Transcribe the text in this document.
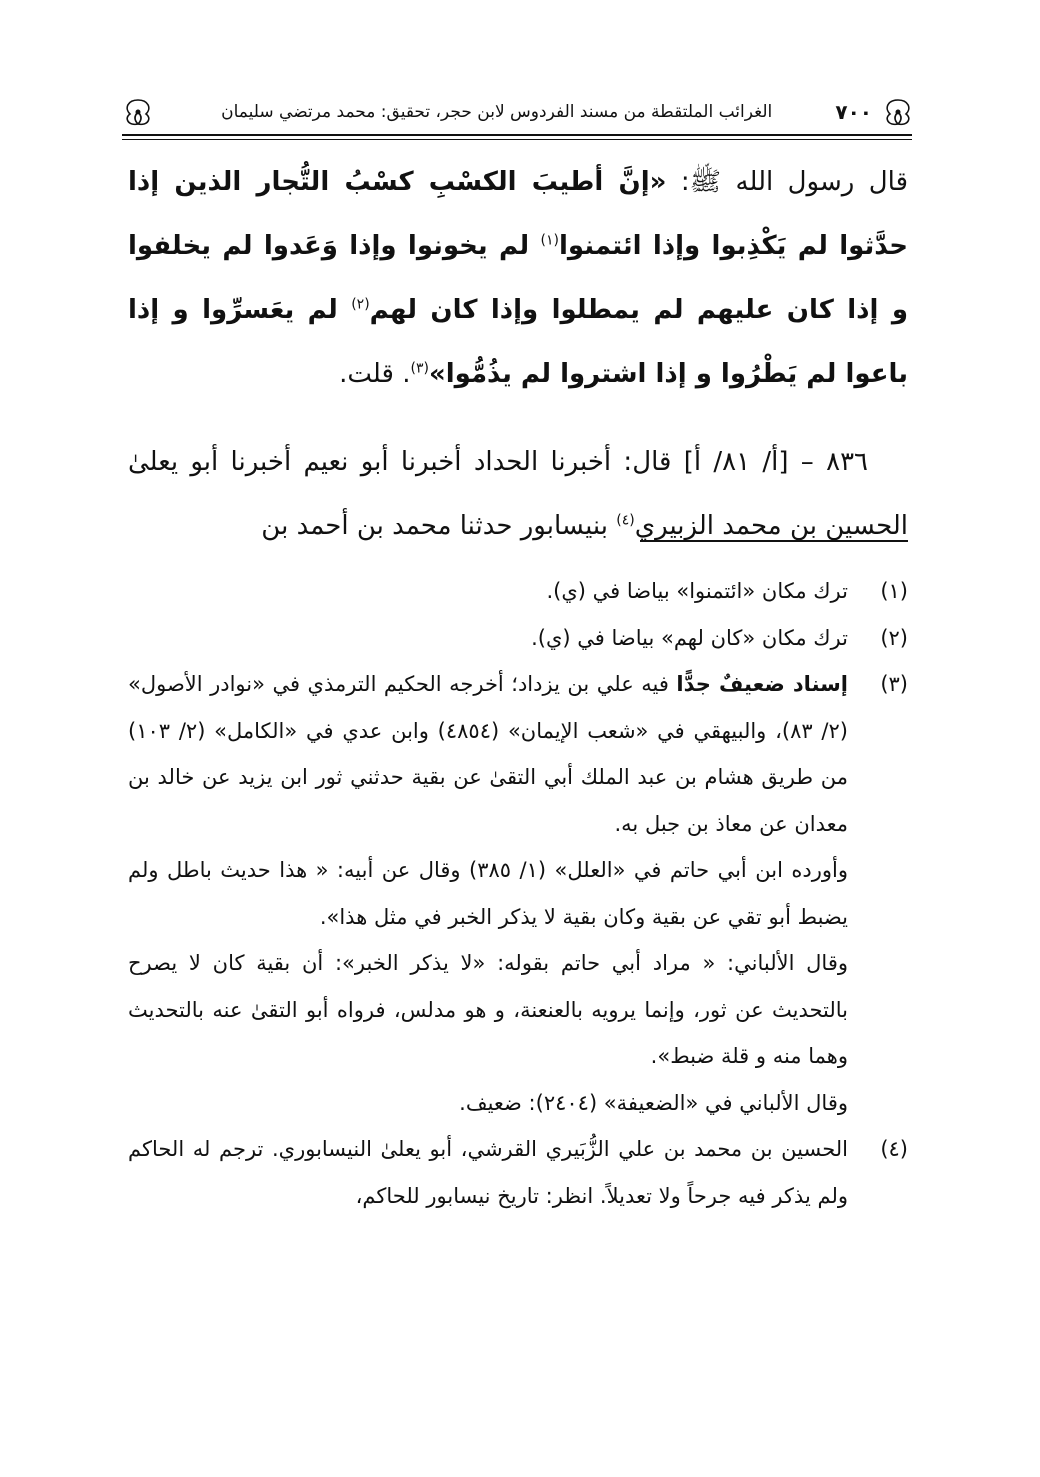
٧٠٠
الغرائب الملتقطة من مسند الفردوس لابن حجر، تحقيق: محمد مرتضي سليمان

قال رسول الله ﷺ: «إنَّ أطيبَ الكسْبِ كسْبُ التُّجار الذين إذا حدَّثوا لم يَكْذِبوا وإذا ائتمنوا$^{(١)}$ لم يخونوا وإذا وَعَدوا لم يخلفوا و إذا كان عليهم لم يمطلوا وإذا كان لهم$^{(٢)}$ لم يعَسرِّوا و إذا باعوا لم يَطْرُوا و إذا اشتروا لم يذُمُّوا»$^{(٣)}$. قلت.

٨٣٦ – [أ/ ٨١/ أ] قال: أخبرنا الحداد أخبرنا أبو نعيم أخبرنا أبو يعلىٰ الحسين بن محمد الزبيري$^{(٤)}$ بنيسابور حدثنا محمد بن أحمد بن

(١)
ترك مكان «ائتمنوا» بياضا في (ي).
(٢)
ترك مكان «كان لهم» بياضا في (ي).
(٣)
إسناد ضعيفٌ جدًّا فيه علي بن يزداد؛ أخرجه الحكيم الترمذي في «نوادر الأصول» (٢/ ٨٣)، والبيهقي في «شعب الإيمان» (٤٨٥٤) وابن عدي في «الكامل» (٢/ ١٠٣) من طريق هشام بن عبد الملك أبي التقىٰ عن بقية حدثني ثور ابن يزيد عن خالد بن معدان عن معاذ بن جبل به.
وأورده ابن أبي حاتم في «العلل» (١/ ٣٨٥) وقال عن أبيه: « هذا حديث باطل ولم يضبط أبو تقي عن بقية وكان بقية لا يذكر الخبر في مثل هذا».
وقال الألباني: « مراد أبي حاتم بقوله: «لا يذكر الخبر»: أن بقية كان لا يصرح بالتحديث عن ثور، وإنما يرويه بالعنعنة، و هو مدلس، فرواه أبو التقىٰ عنه بالتحديث وهما منه و قلة ضبط».
وقال الألباني في «الضعيفة» (٢٤٠٤): ضعيف.
(٤)
الحسين بن محمد بن علي الزُّبَيري القرشي، أبو يعلىٰ النيسابوري. ترجم له الحاكم ولم يذكر فيه جرحاً ولا تعديلاً. انظر: تاريخ نيسابور للحاكم،
